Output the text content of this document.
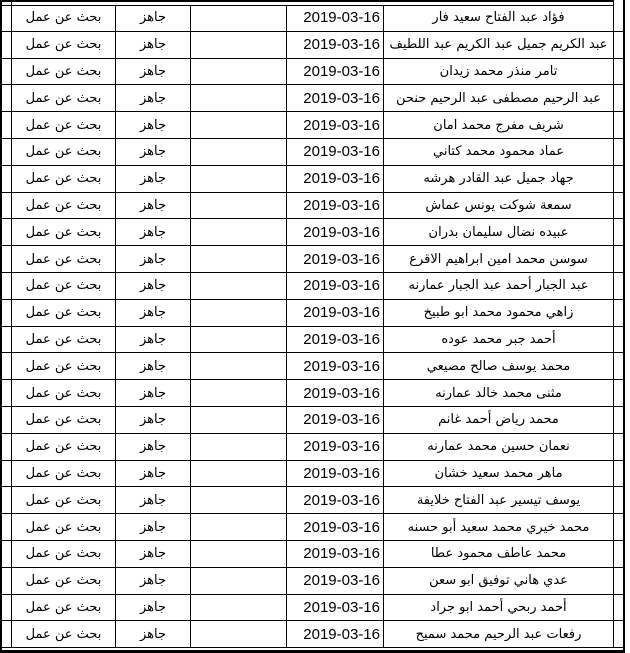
بحث عن عمل	جاهز	2019-03-16	فؤاد عبد الفتاح سعيد فار
بحث عن عمل	جاهز	2019-03-16 عبد الكريم جميل عبد الكريم عبد اللطيف
بحث عن عمل	جاهز	2019-03-16	تامر منذر محمد زيدان
بحث عن عمل	جاهز	2019-03-16	عبد الرحيم مصطفى عبد الرحيم حنحن
بحث عن عمل	جاهز	2019-03-16	شريف مفرج محمد امان
بحث عن عمل	جاهز	2019-03-16	عماد محمود محمد كتاني
بحث عن عمل	جاهز	2019-03-16	جهاد جميل عبد القادر هرشه
بحث عن عمل	جاهز	2019-03-16	سمعة شوكت يونس عماش
بحث عن عمل	جاهز	2019-03-16	عبيده نضال سليمان بدران
بحث عن عمل	جاهز	2019-03-16	سوسن محمد امين ابراهيم الاقرع
بحث عن عمل	جاهز	2019-03-16	عبد الجبار أحمد عبد الجبار عمارنه
بحث عن عمل	جاهز	2019-03-16	زاهي محمود محمد ابو طبيخ
بحث عن عمل	جاهز	2019-03-16	أحمد جبر محمد عوده
بحث عن عمل	جاهز	2019-03-16	محمد يوسف صالح مصيعي
بحث عن عمل	جاهز	2019-03-16	مثنى محمد خالد عمارنه
بحث عن عمل	جاهز	2019-03-16	محمد رياض أحمد غانم
بحث عن عمل	جاهز	2019-03-16	نعمان حسين محمد عمارنه
بحث عن عمل	جاهز	2019-03-16	ماهر محمد سعيد خشان
بحث عن عمل	جاهز	2019-03-16	يوسف تيسير عبد الفتاح خلايفة
بحث عن عمل	جاهز	2019-03-16	محمد خيري محمد سعيد أبو حسنه
بحث عن عمل	جاهز	2019-03-16	محمد عاطف محمود عطا
بحث عن عمل	جاهز	2019-03-16	عدي هاني توفيق ابو سعن
بحث عن عمل	جاهز	2019-03-16	أحمد ربحي أحمد ابو جراد
بحث عن عمل	جاهز	2019-03-16	رفعات عبد الرحيم محمد سميح
